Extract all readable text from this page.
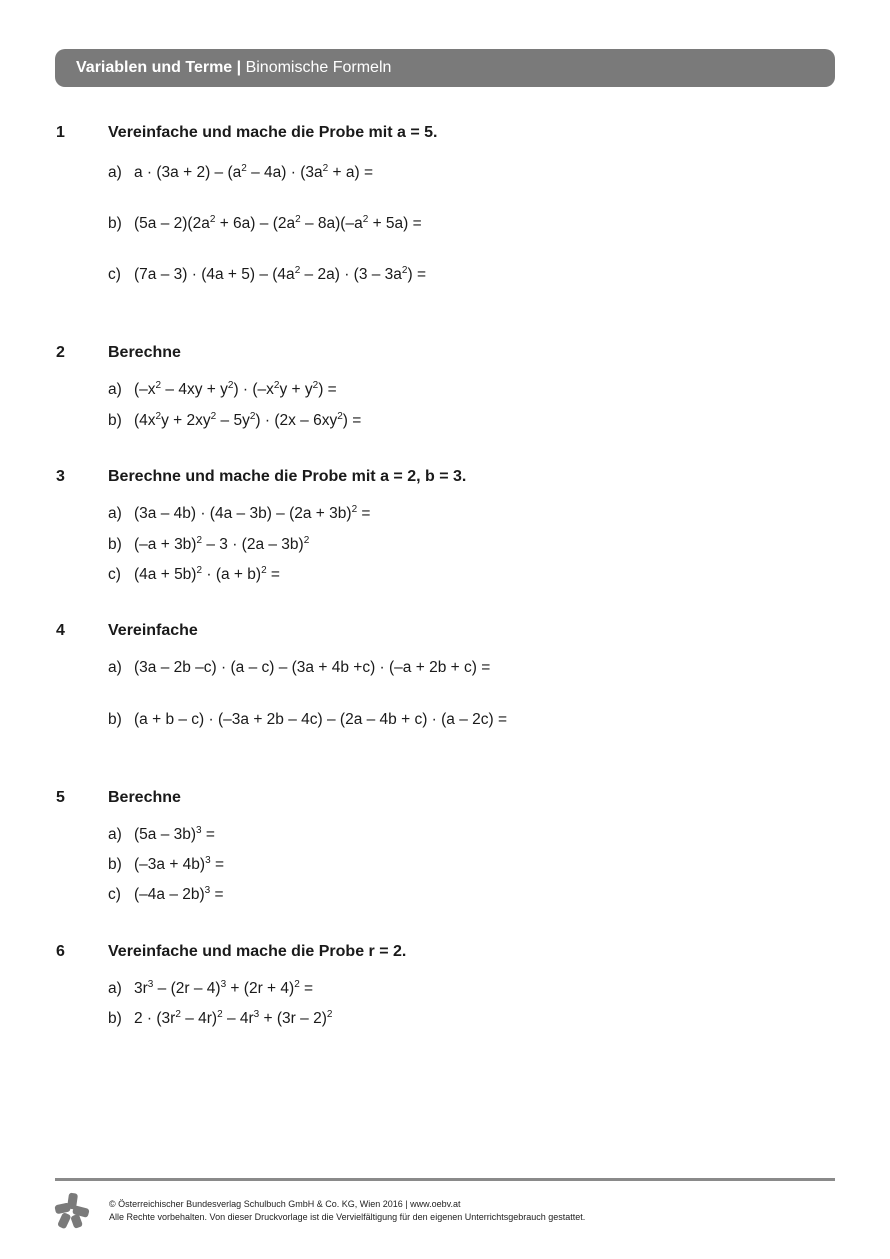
Variablen und Terme | Binomische Formeln
1	Vereinfache und mache die Probe mit a = 5.
a) $a \cdot (3a + 2) - (a^2 - 4a) \cdot (3a^2 + a)$ =
b) $(5a - 2)(2a^2 + 6a) - (2a^2 - 8a)(-a^2 + 5a)$ =
c) $(7a - 3) \cdot (4a + 5) - (4a^2 - 2a) \cdot (3 - 3a^2)$ =
2	Berechne
a) $(-x^2 - 4xy + y^2) \cdot (-x^2y + y^2)$ =
b) $(4x^2y + 2xy^2 - 5y^2) \cdot (2x - 6xy^2)$ =
3	Berechne und mache die Probe mit a = 2, b = 3.
a) $(3a - 4b) \cdot (4a - 3b) - (2a + 3b)^2$ =
b) $(-a + 3b)^2 - 3 \cdot (2a - 3b)^2$
c) $(4a + 5b)^2 \cdot (a + b)^2$ =
4	Vereinfache
a) (3a – 2b –c) · (a – c) – (3a + 4b +c) · (–a + 2b + c) =
b) (a + b – c) · (–3a + 2b – 4c) – (2a – 4b + c) · (a – 2c) =
5	Berechne
a) (5a – 3b)$^3$ =
b) $(-3a + 4b)^3$ =
c) (–4a – 2b)$^3$ =
6	Vereinfache und mache die Probe r = 2.
a) $3r^3 - (2r - 4)^3 + (2r + 4)^2$ =
b) $2 \cdot (3r^2 - 4r)^2 - 4r^3 + (3r - 2)^2$
© Österreichischer Bundesverlag Schulbuch GmbH & Co. KG, Wien 2016 | www.oebv.at
Alle Rechte vorbehalten. Von dieser Druckvorlage ist die Vervielfältigung für den eigenen Unterrichtsgebrauch gestattet.
